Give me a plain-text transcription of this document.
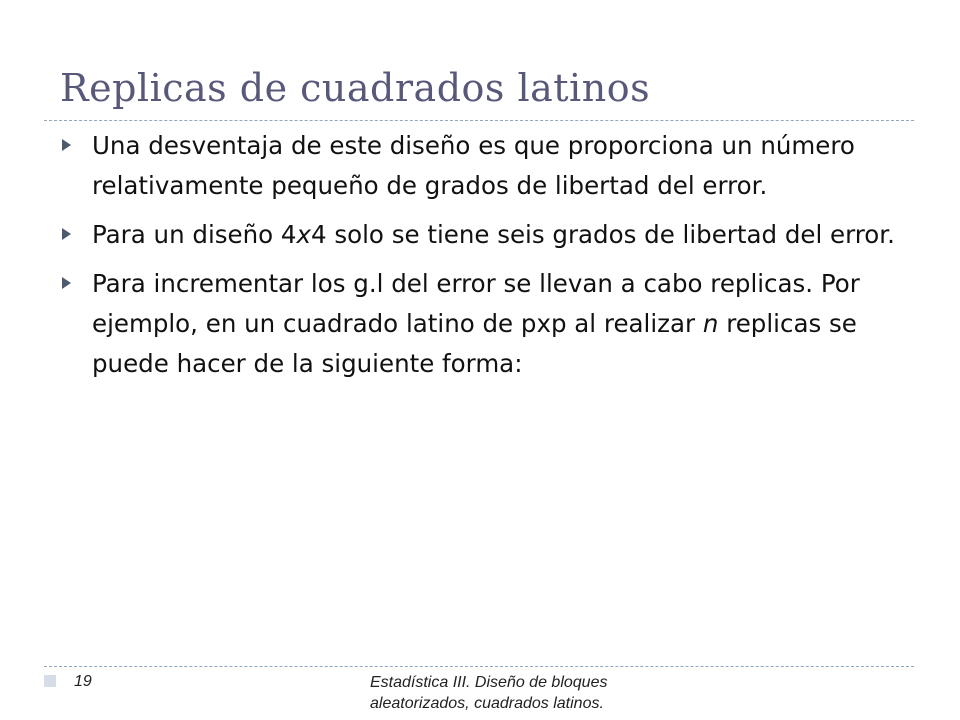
Replicas de cuadrados latinos
Una desventaja de este diseño es que proporciona un número relativamente pequeño de grados de libertad del error.
Para un diseño 4x4 solo se tiene seis grados de libertad del error.
Para incrementar los g.l del error se llevan a cabo replicas. Por ejemplo, en un cuadrado latino de pxp al realizar n replicas se puede hacer de la siguiente forma:
19	Estadística III. Diseño de bloques aleatorizados, cuadrados latinos.
